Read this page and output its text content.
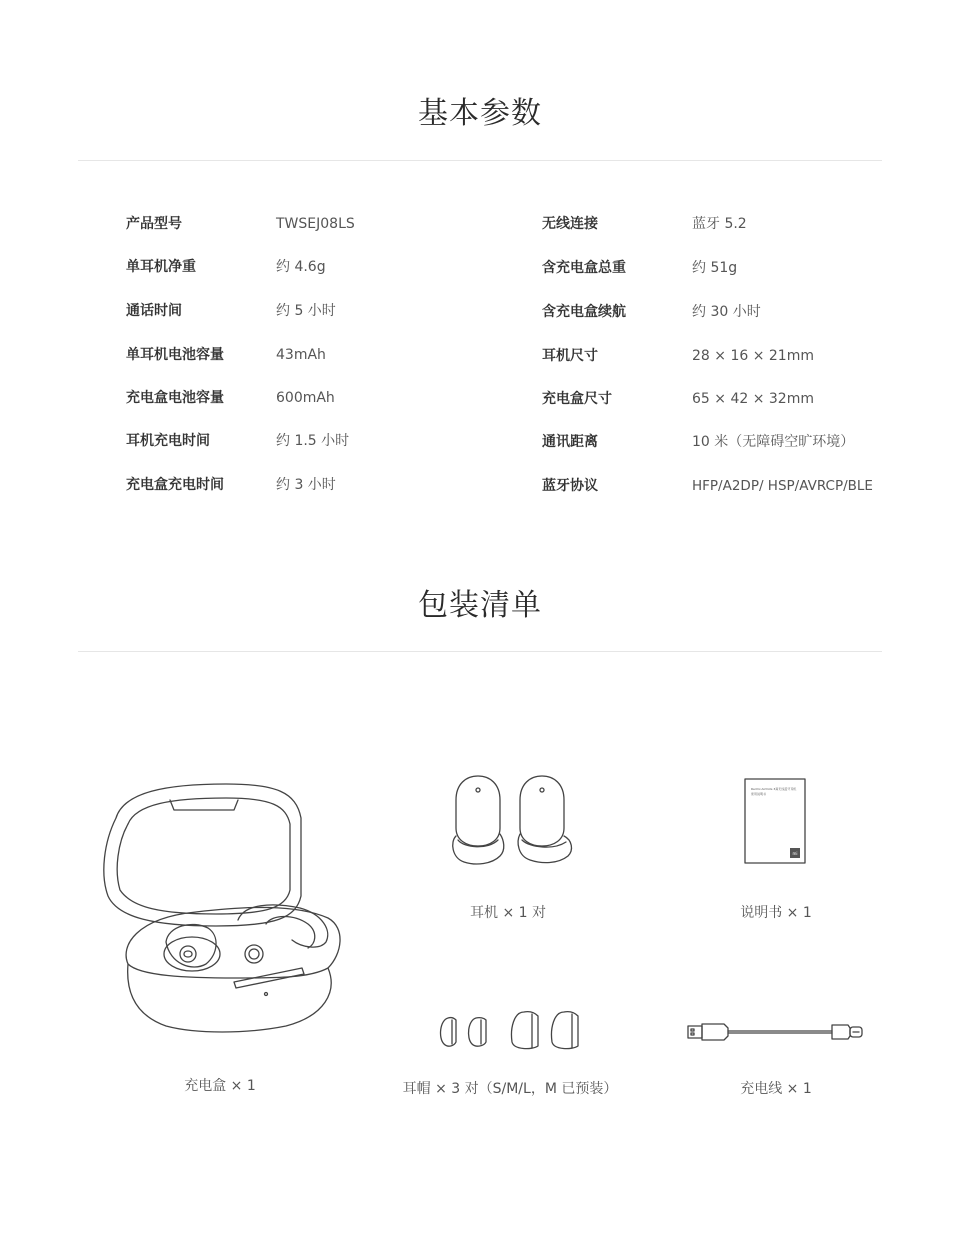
基本参数
产品型号	TWSEJ08LS
单耳机净重	约 4.6g
通话时间	约 5 小时
单耳机电池容量	43mAh
充电盒电池容量	600mAh
耳机充电时间	约 1.5 小时
充电盒充电时间	约 3 小时
无线连接	蓝牙 5.2
含充电盒总重	约 51g
含充电盒续航	约 30 小时
耳机尺寸	28 × 16 × 21mm
充电盒尺寸	65 × 42 × 32mm
通讯距离	10 米（无障碍空旷环境）
蓝牙协议	HFP/A2DP/ HSP/AVRCP/BLE
包装清单
充电盒 × 1
耳机 × 1 对
Redmi AirDots 3真无线蓝牙耳机
使用说明书
mi
说明书 × 1
耳帽 × 3 对（S/M/L，M 已预装）	充电线 × 1
